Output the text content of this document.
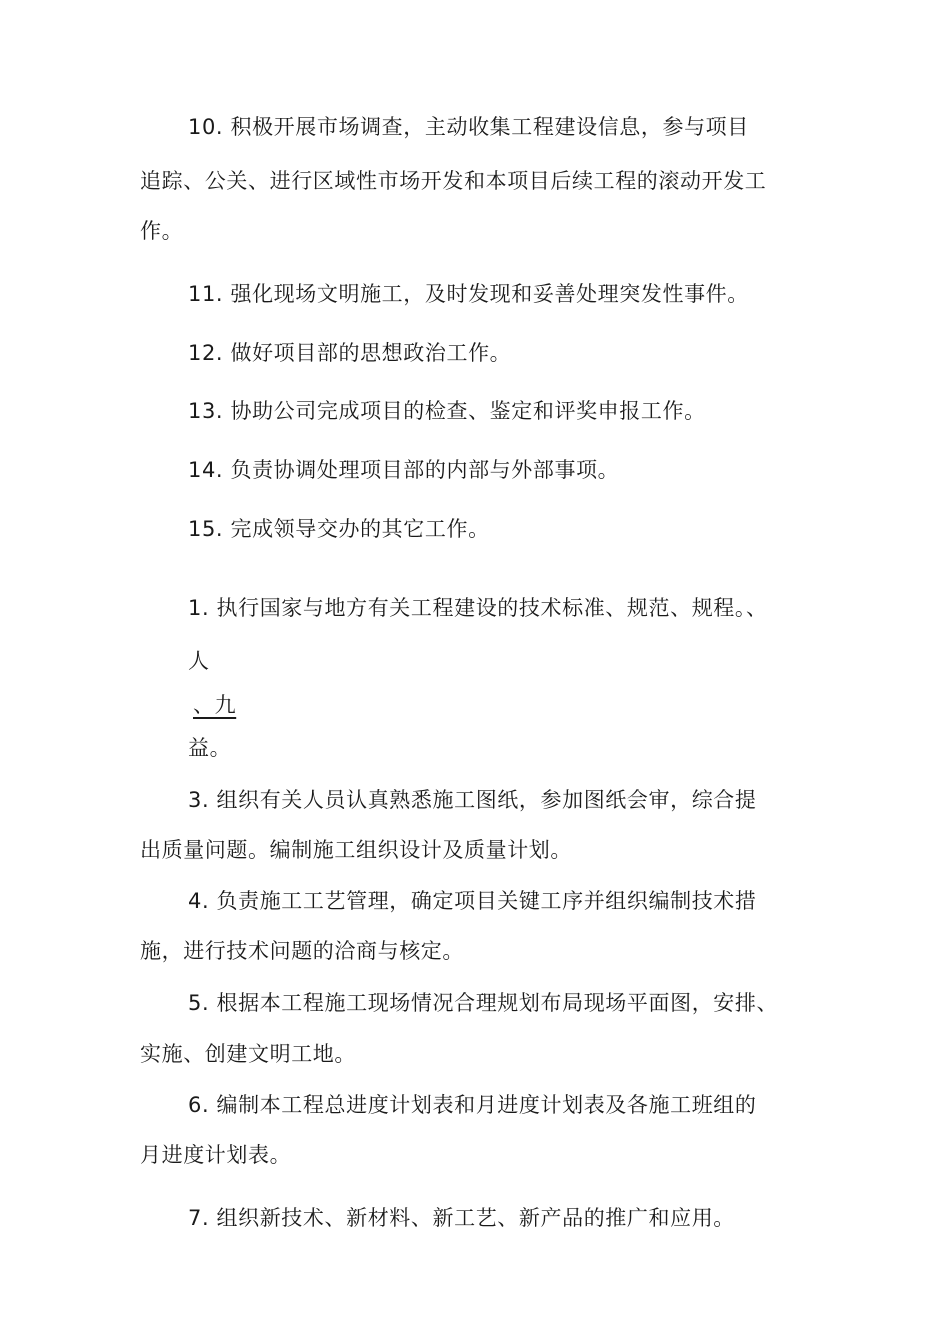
10. 积极开展市场调查，主动收集工程建设信息，参与项目
追踪、公关、进行区域性市场开发和本项目后续工程的滚动开发工
作。
11. 强化现场文明施工，及时发现和妥善处理突发性事件。
12. 做好项目部的思想政治工作。
13. 协助公司完成项目的检查、鉴定和评奖申报工作。
14. 负责协调处理项目部的内部与外部事项。
15. 完成领导交办的其它工作。
1. 执行国家与地方有关工程建设的技术标准、规范、规程。、
人
、九
益。
3. 组织有关人员认真熟悉施工图纸，参加图纸会审，综合提
出质量问题。编制施工组织设计及质量计划。
4. 负责施工工艺管理，确定项目关键工序并组织编制技术措
施，进行技术问题的洽商与核定。
5. 根据本工程施工现场情况合理规划布局现场平面图，安排、
实施、创建文明工地。
6. 编制本工程总进度计划表和月进度计划表及各施工班组的
月进度计划表。
7. 组织新技术、新材料、新工艺、新产品的推广和应用。
